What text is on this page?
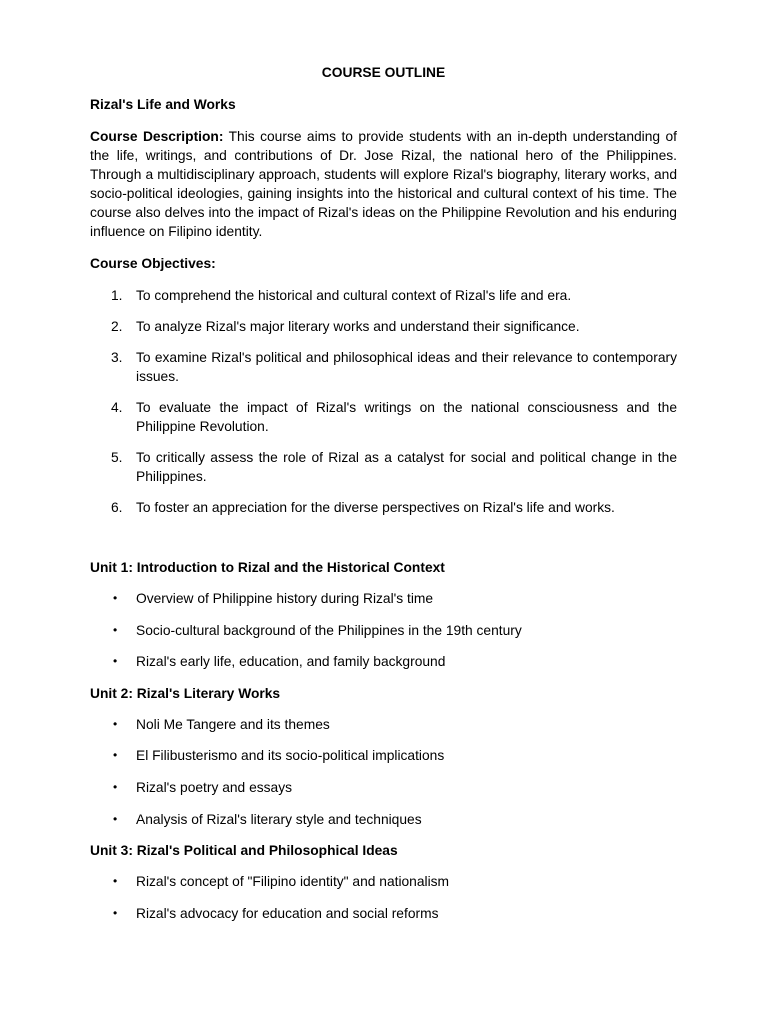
COURSE OUTLINE
Rizal's Life and Works
Course Description: This course aims to provide students with an in-depth understanding of the life, writings, and contributions of Dr. Jose Rizal, the national hero of the Philippines. Through a multidisciplinary approach, students will explore Rizal's biography, literary works, and socio-political ideologies, gaining insights into the historical and cultural context of his time. The course also delves into the impact of Rizal's ideas on the Philippine Revolution and his enduring influence on Filipino identity.
Course Objectives:
1. To comprehend the historical and cultural context of Rizal's life and era.
2. To analyze Rizal's major literary works and understand their significance.
3. To examine Rizal's political and philosophical ideas and their relevance to contemporary issues.
4. To evaluate the impact of Rizal's writings on the national consciousness and the Philippine Revolution.
5. To critically assess the role of Rizal as a catalyst for social and political change in the Philippines.
6. To foster an appreciation for the diverse perspectives on Rizal's life and works.
Unit 1: Introduction to Rizal and the Historical Context
• Overview of Philippine history during Rizal's time
• Socio-cultural background of the Philippines in the 19th century
• Rizal's early life, education, and family background
Unit 2: Rizal's Literary Works
• Noli Me Tangere and its themes
• El Filibusterismo and its socio-political implications
• Rizal's poetry and essays
• Analysis of Rizal's literary style and techniques
Unit 3: Rizal's Political and Philosophical Ideas
• Rizal's concept of "Filipino identity" and nationalism
• Rizal's advocacy for education and social reforms
